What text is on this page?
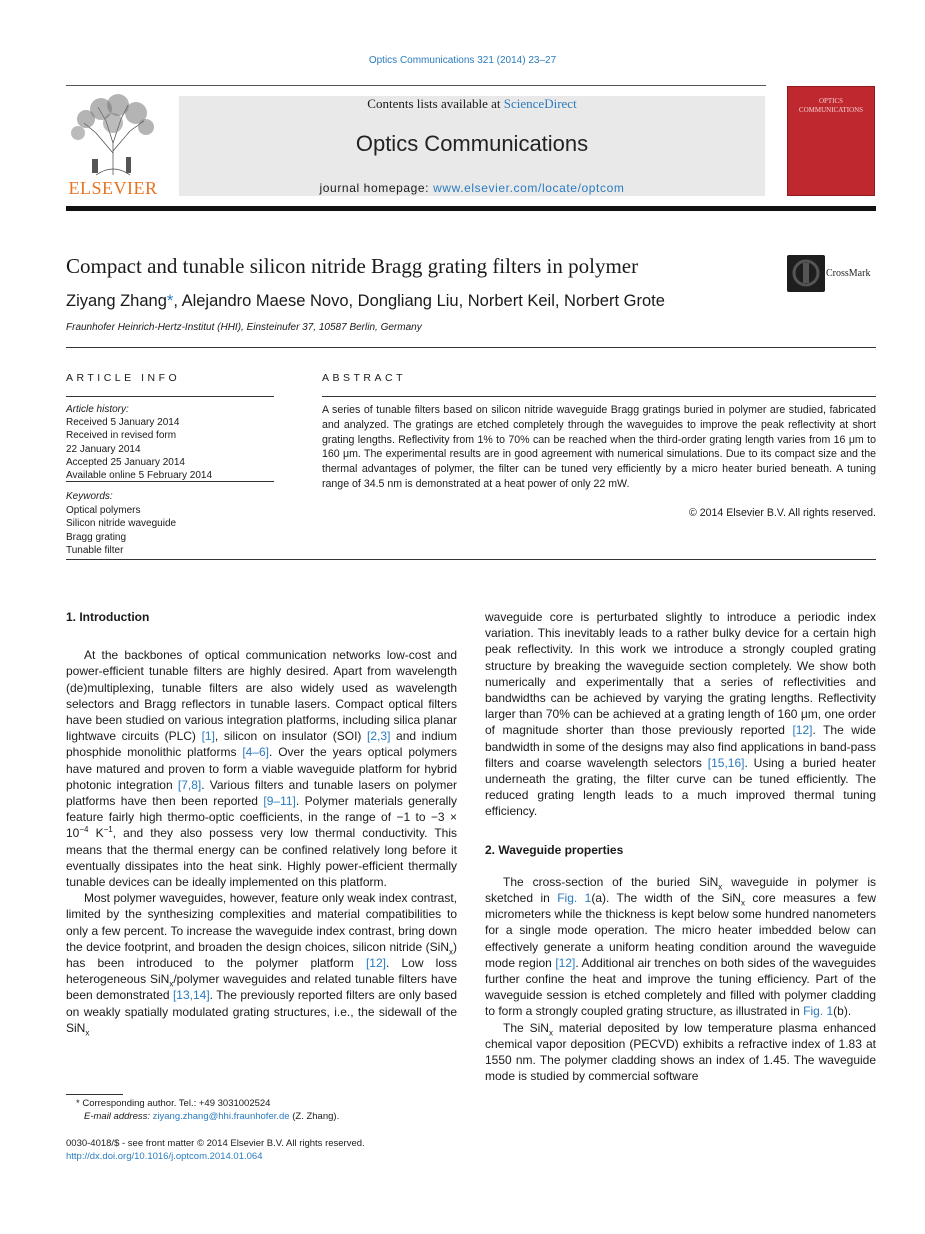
Optics Communications 321 (2014) 23–27
ELSEVIER
Contents lists available at ScienceDirect
Optics Communications
journal homepage: www.elsevier.com/locate/optcom
OPTICS
COMMUNICATIONS
Compact and tunable silicon nitride Bragg grating filters in polymer	CrossMark
Ziyang Zhang*, Alejandro Maese Novo, Dongliang Liu, Norbert Keil, Norbert Grote
Fraunhofer Heinrich-Hertz-Institut (HHI), Einsteinufer 37, 10587 Berlin, Germany
ARTICLE INFO	ABSTRACT
Article history:
Received 5 January 2014
Received in revised form
22 January 2014
Accepted 25 January 2014
Available online 5 February 2014
Keywords:
Optical polymers
Silicon nitride waveguide
Bragg grating
Tunable filter
A series of tunable filters based on silicon nitride waveguide Bragg gratings buried in polymer are studied, fabricated and analyzed. The gratings are etched completely through the waveguides to improve the peak reflectivity at short grating lengths. Reflectivity from 1% to 70% can be reached when the third-order grating length varies from 16 μm to 160 μm. The experimental results are in good agreement with numerical simulations. Due to its compact size and the thermal advantages of polymer, the filter can be tuned very efficiently by a micro heater buried beneath. A tuning range of 34.5 nm is demonstrated at a heat power of only 22 mW.
© 2014 Elsevier B.V. All rights reserved.
1. Introduction

At the backbones of optical communication networks low-cost and power-efficient tunable filters are highly desired. Apart from wavelength (de)multiplexing, tunable filters are also widely used as wavelength selectors and Bragg reflectors in tunable lasers. Compact optical filters have been studied on various integration platforms, including silica planar lightwave circuits (PLC) [1], silicon on insulator (SOI) [2,3] and indium phosphide monolithic platforms [4–6]. Over the years optical polymers have matured and proven to form a viable waveguide platform for hybrid photonic integration [7,8]. Various filters and tunable lasers on polymer platforms have then been reported [9–11]. Polymer materials generally feature fairly high thermo-optic coefficients, in the range of −1 to $-3 \times 10^{-4}$ $K^{-1}$, and they also possess very low thermal conductivity. This means that the thermal energy can be confined relatively long before it eventually dissipates into the heat sink. Highly power-efficient thermally tunable devices can be ideally implemented on this platform.

Most polymer waveguides, however, feature only weak index contrast, limited by the synthesizing complexities and material compatibilities to only a few percent. To increase the waveguide index contrast, bring down the device footprint, and broaden the design choices, silicon nitride (SiN$_x$) has been introduced to the polymer platform [12]. Low loss heterogeneous SiN$_x$/polymer waveguides and related tunable filters have been demonstrated [13,14]. The previously reported filters are only based on weakly spatially modulated grating structures, i.e., the sidewall of the SiN$_x$

waveguide core is perturbated slightly to introduce a periodic index variation. This inevitably leads to a rather bulky device for a certain high peak reflectivity. In this work we introduce a strongly coupled grating structure by breaking the waveguide section completely. We show both numerically and experimentally that a series of reflectivities and bandwidths can be achieved by varying the grating lengths. Reflectivity larger than 70% can be achieved at a grating length of 160 μm, one order of magnitude shorter than those previously reported [12]. The wide bandwidth in some of the designs may also find applications in band-pass filters and coarse wavelength selectors [15,16]. Using a buried heater underneath the grating, the filter curve can be tuned efficiently. The reduced grating length leads to a much improved thermal tuning efficiency.

2. Waveguide properties

The cross-section of the buried SiN$_x$ waveguide in polymer is sketched in Fig. 1(a). The width of the SiN$_x$ core measures a few micrometers while the thickness is kept below some hundred nanometers for a single mode operation. The micro heater imbedded below can effectively generate a uniform heating condition around the waveguide mode region [12]. Additional air trenches on both sides of the waveguides further confine the heat and improve the tuning efficiency. Part of the waveguide session is etched completely and filled with polymer cladding to form a strongly coupled grating structure, as illustrated in Fig. 1(b).

The SiN$_x$ material deposited by low temperature plasma enhanced chemical vapor deposition (PECVD) exhibits a refractive index of 1.83 at 1550 nm. The polymer cladding shows an index of 1.45. The waveguide mode is studied by commercial software

* Corresponding author. Tel.: +49 3031002524
E-mail address: ziyang.zhang@hhi.fraunhofer.de (Z. Zhang).
0030-4018/$ - see front matter © 2014 Elsevier B.V. All rights reserved.
http://dx.doi.org/10.1016/j.optcom.2014.01.064
